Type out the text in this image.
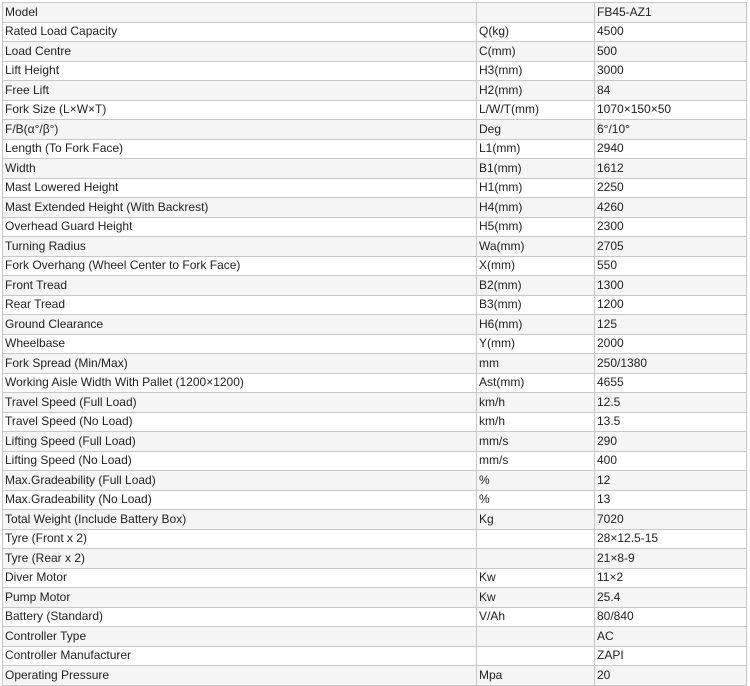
Model		FB45-AZ1
Rated Load Capacity	Q(kg)	4500
Load Centre	C(mm)	500
Lift Height	H3(mm)	3000
Free Lift	H2(mm)	84
Fork Size (L×W×T)	L/W/T(mm)	1070×150×50
F/B(α°/β°)	Deg	6°/10°
Length (To Fork Face)	L1(mm)	2940
Width	B1(mm)	1612
Mast Lowered Height	H1(mm)	2250
Mast Extended Height (With Backrest)	H4(mm)	4260
Overhead Guard Height	H5(mm)	2300
Turning Radius	Wa(mm)	2705
Fork Overhang (Wheel Center to Fork Face)	X(mm)	550
Front Tread	B2(mm)	1300
Rear Tread	B3(mm)	1200
Ground Clearance	H6(mm)	125
Wheelbase	Y(mm)	2000
Fork Spread (Min/Max)	mm	250/1380
Working Aisle Width With Pallet (1200×1200)	Ast(mm)	4655
Travel Speed (Full Load)	km/h	12.5
Travel Speed (No Load)	km/h	13.5
Lifting Speed (Full Load)	mm/s	290
Lifting Speed (No Load)	mm/s	400
Max.Gradeability (Full Load)	%	12
Max.Gradeability (No Load)	%	13
Total Weight (Include Battery Box)	Kg	7020
Tyre (Front x 2)		28×12.5-15
Tyre (Rear x 2)		21×8-9
Diver Motor	Kw	11×2
Pump Motor	Kw	25.4
Battery (Standard)	V/Ah	80/840
Controller Type		AC
Controller Manufacturer		ZAPI
Operating Pressure	Mpa	20
